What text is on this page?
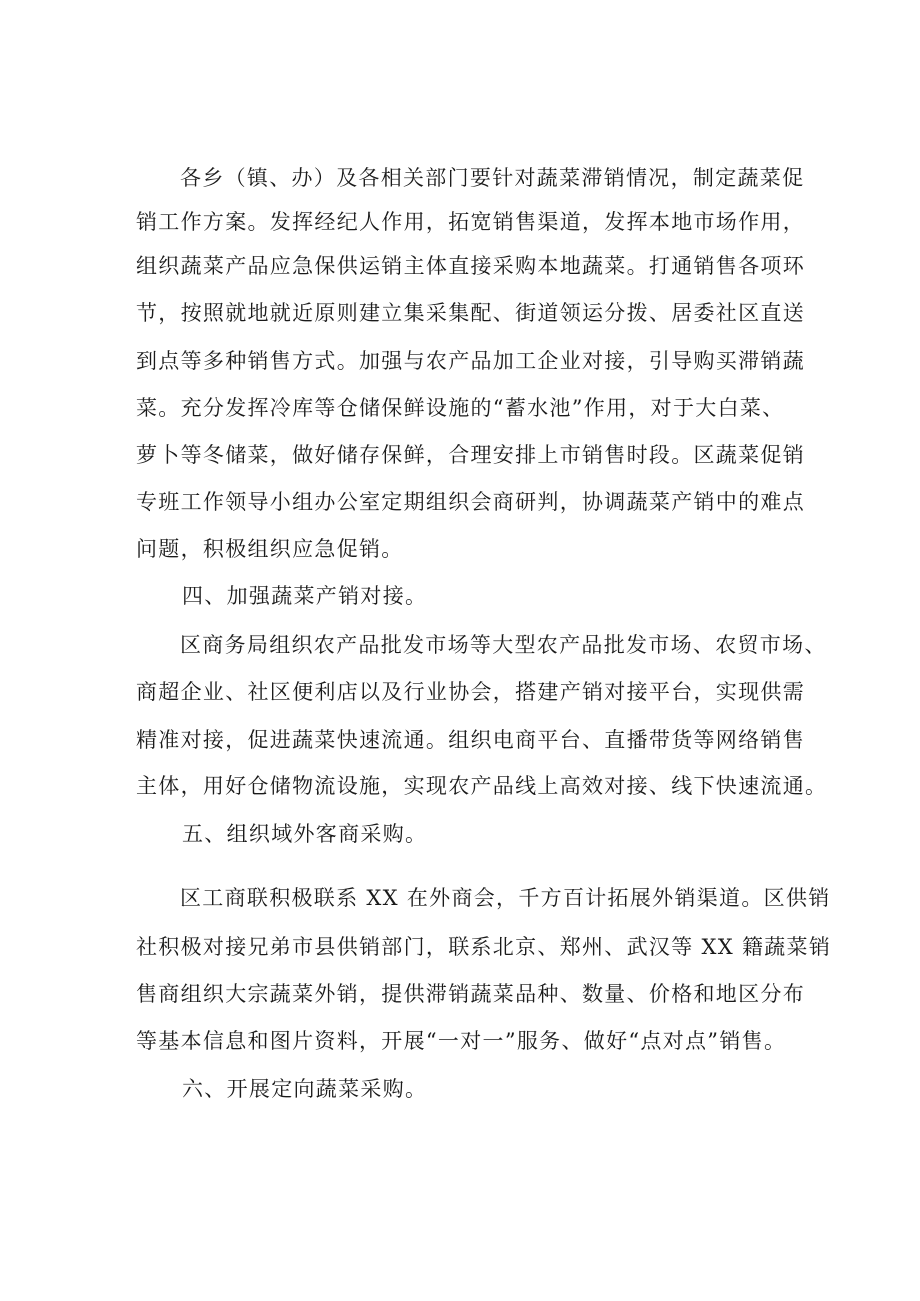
各乡（镇、办）及各相关部门要针对蔬菜滞销情况，制定蔬菜促
销工作方案。发挥经纪人作用，拓宽销售渠道，发挥本地市场作用，
组织蔬菜产品应急保供运销主体直接采购本地蔬菜。打通销售各项环
节，按照就地就近原则建立集采集配、街道领运分拨、居委社区直送
到点等多种销售方式。加强与农产品加工企业对接，引导购买滞销蔬
菜。充分发挥冷库等仓储保鲜设施的“蓄水池”作用，对于大白菜、
萝卜等冬储菜，做好储存保鲜，合理安排上市销售时段。区蔬菜促销
专班工作领导小组办公室定期组织会商研判，协调蔬菜产销中的难点
问题，积极组织应急促销。
四、加强蔬菜产销对接。
区商务局组织农产品批发市场等大型农产品批发市场、农贸市场、
商超企业、社区便利店以及行业协会，搭建产销对接平台，实现供需
精准对接，促进蔬菜快速流通。组织电商平台、直播带货等网络销售
主体，用好仓储物流设施，实现农产品线上高效对接、线下快速流通。
五、组织域外客商采购。
区工商联积极联系 XX 在外商会，千方百计拓展外销渠道。区供销
社积极对接兄弟市县供销部门，联系北京、郑州、武汉等 XX 籍蔬菜销
售商组织大宗蔬菜外销，提供滞销蔬菜品种、数量、价格和地区分布
等基本信息和图片资料，开展“一对一”服务、做好“点对点”销售。
六、开展定向蔬菜采购。
